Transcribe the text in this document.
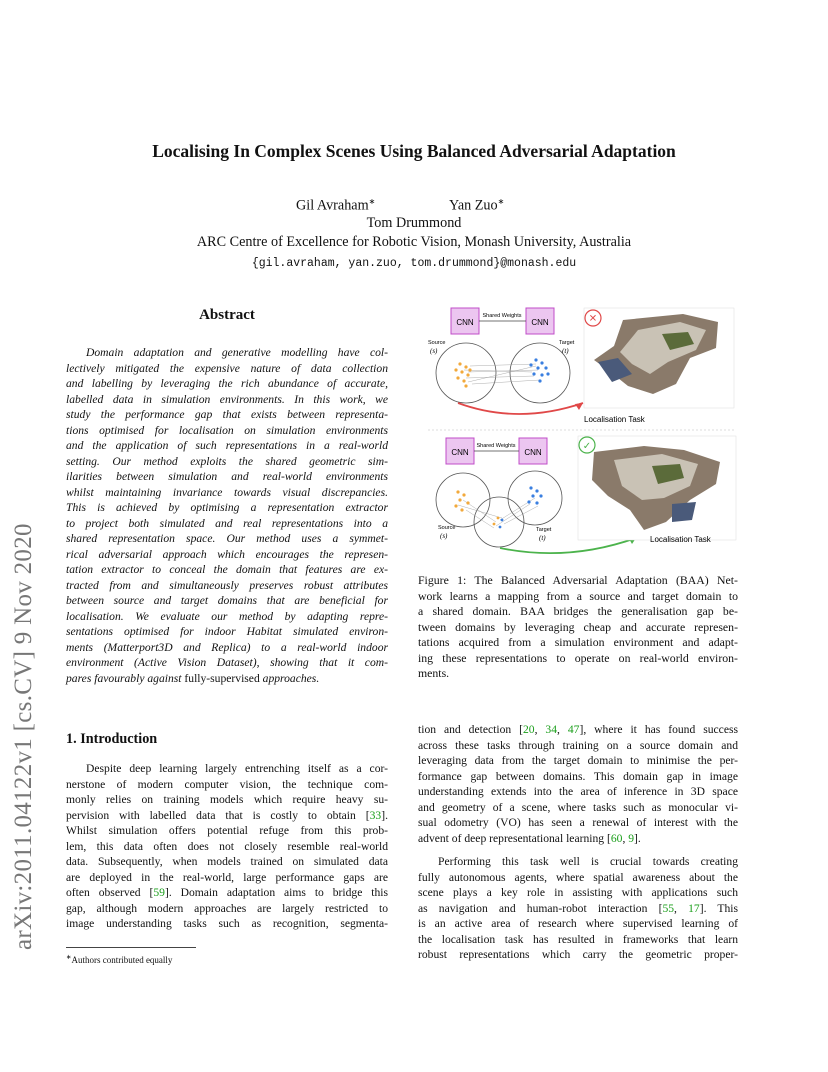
arXiv:2011.04122v1 [cs.CV] 9 Nov 2020
Localising In Complex Scenes Using Balanced Adversarial Adaptation
Gil Avraham∗	Yan Zuo∗
Tom Drummond
ARC Centre of Excellence for Robotic Vision, Monash University, Australia
{gil.avraham, yan.zuo, tom.drummond}@monash.edu
Abstract
Domain adaptation and generative modelling have col-
lectively mitigated the expensive nature of data collection
and labelling by leveraging the rich abundance of accurate,
labelled data in simulation environments. In this work, we
study the performance gap that exists between representa-
tions optimised for localisation on simulation environments
and the application of such representations in a real-world
setting. Our method exploits the shared geometric sim-
ilarities between simulation and real-world environments
whilst maintaining invariance towards visual discrepancies.
This is achieved by optimising a representation extractor
to project both simulated and real representations into a
shared representation space. Our method uses a symmet-
rical adversarial approach which encourages the represen-
tation extractor to conceal the domain that features are ex-
tracted from and simultaneously preserves robust attributes
between source and target domains that are beneficial for
localisation. We evaluate our method by adapting repre-
sentations optimised for indoor Habitat simulated environ-
ments (Matterport3D and Replica) to a real-world indoor
environment (Active Vision Dataset), showing that it com-
pares favourably against fully-supervised approaches.
CNN	CNN
Shared Weights
Source
(s)
Target
(t)
✕
Localisation Task
CNN	CNN
Shared Weights
Source
(s)
Target
(t)
✓
Localisation Task
Figure 1: The Balanced Adversarial Adaptation (BAA) Net-
work learns a mapping from a source and target domain to
a shared domain. BAA bridges the generalisation gap be-
tween domains by leveraging cheap and accurate represen-
tations acquired from a simulation environment and adapt-
ing these representations to operate on real-world environ-
ments.
1. Introduction
Despite deep learning largely entrenching itself as a cor-
nerstone of modern computer vision, the technique com-
monly relies on training models which require heavy su-
pervision with labelled data that is costly to obtain [33].
Whilst simulation offers potential refuge from this prob-
lem, this data often does not closely resemble real-world
data. Subsequently, when models trained on simulated data
are deployed in the real-world, large performance gaps are
often observed [59]. Domain adaptation aims to bridge this
gap, although modern approaches are largely restricted to
image understanding tasks such as recognition, segmenta-
tion and detection [20, 34, 47], where it has found success
across these tasks through training on a source domain and
leveraging data from the target domain to minimise the per-
formance gap between domains. This domain gap in image
understanding extends into the area of inference in 3D space
and geometry of a scene, where tasks such as monocular vi-
sual odometry (VO) has seen a renewal of interest with the
advent of deep representational learning [60, 9].
Performing this task well is crucial towards creating
fully autonomous agents, where spatial awareness about the
scene plays a key role in assisting with applications such
as navigation and human-robot interaction [55, 17]. This
is an active area of research where supervised learning of
the localisation task has resulted in frameworks that learn
robust representations which carry the geometric proper-
∗Authors contributed equally
